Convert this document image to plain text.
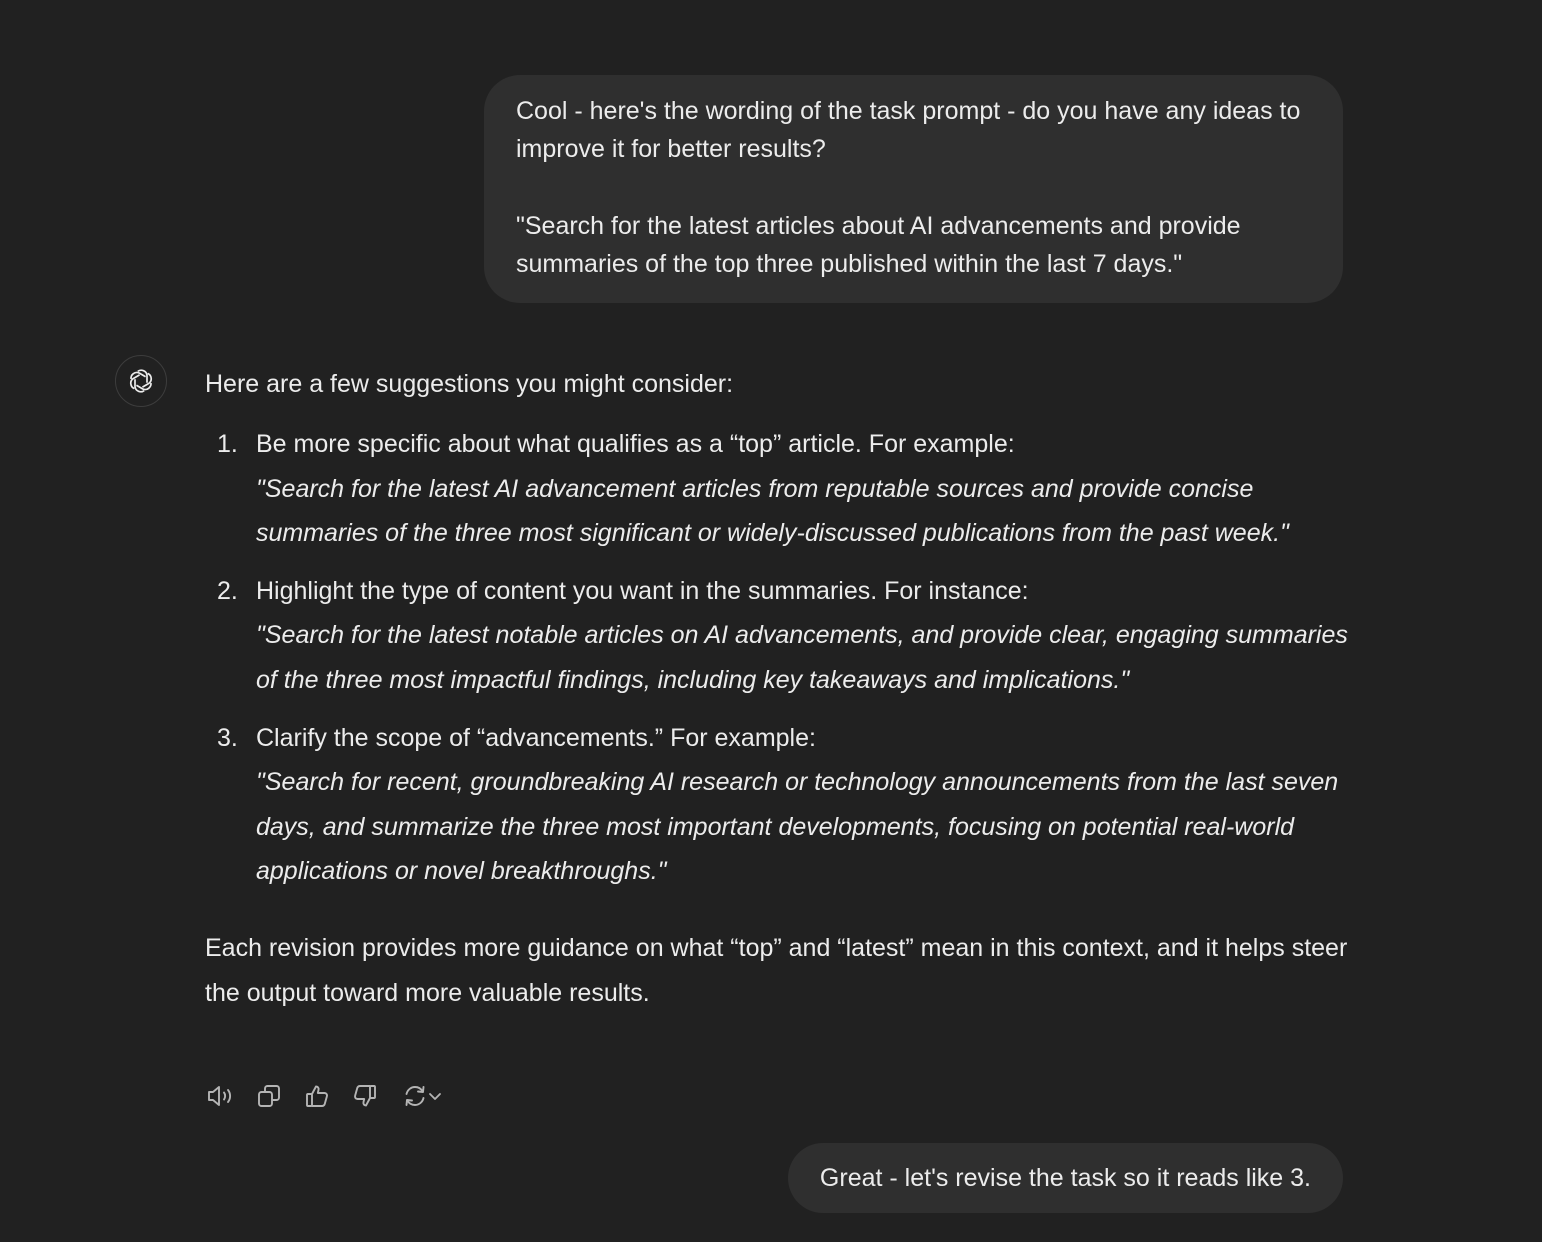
Cool - here's the wording of the task prompt - do you have any ideas to improve it for better results?

"Search for the latest articles about AI advancements and provide summaries of the top three published within the last 7 days."

Here are a few suggestions you might consider:

1. Be more specific about what qualifies as a “top” article. For example:
"Search for the latest AI advancement articles from reputable sources and provide concise summaries of the three most significant or widely-discussed publications from the past week."
2. Highlight the type of content you want in the summaries. For instance:
"Search for the latest notable articles on AI advancements, and provide clear, engaging summaries of the three most impactful findings, including key takeaways and implications."
3. Clarify the scope of “advancements.” For example:
"Search for recent, groundbreaking AI research or technology announcements from the last seven days, and summarize the three most important developments, focusing on potential real-world applications or novel breakthroughs."

Each revision provides more guidance on what “top” and “latest” mean in this context, and it helps steer the output toward more valuable results.

Great - let's revise the task so it reads like 3.
